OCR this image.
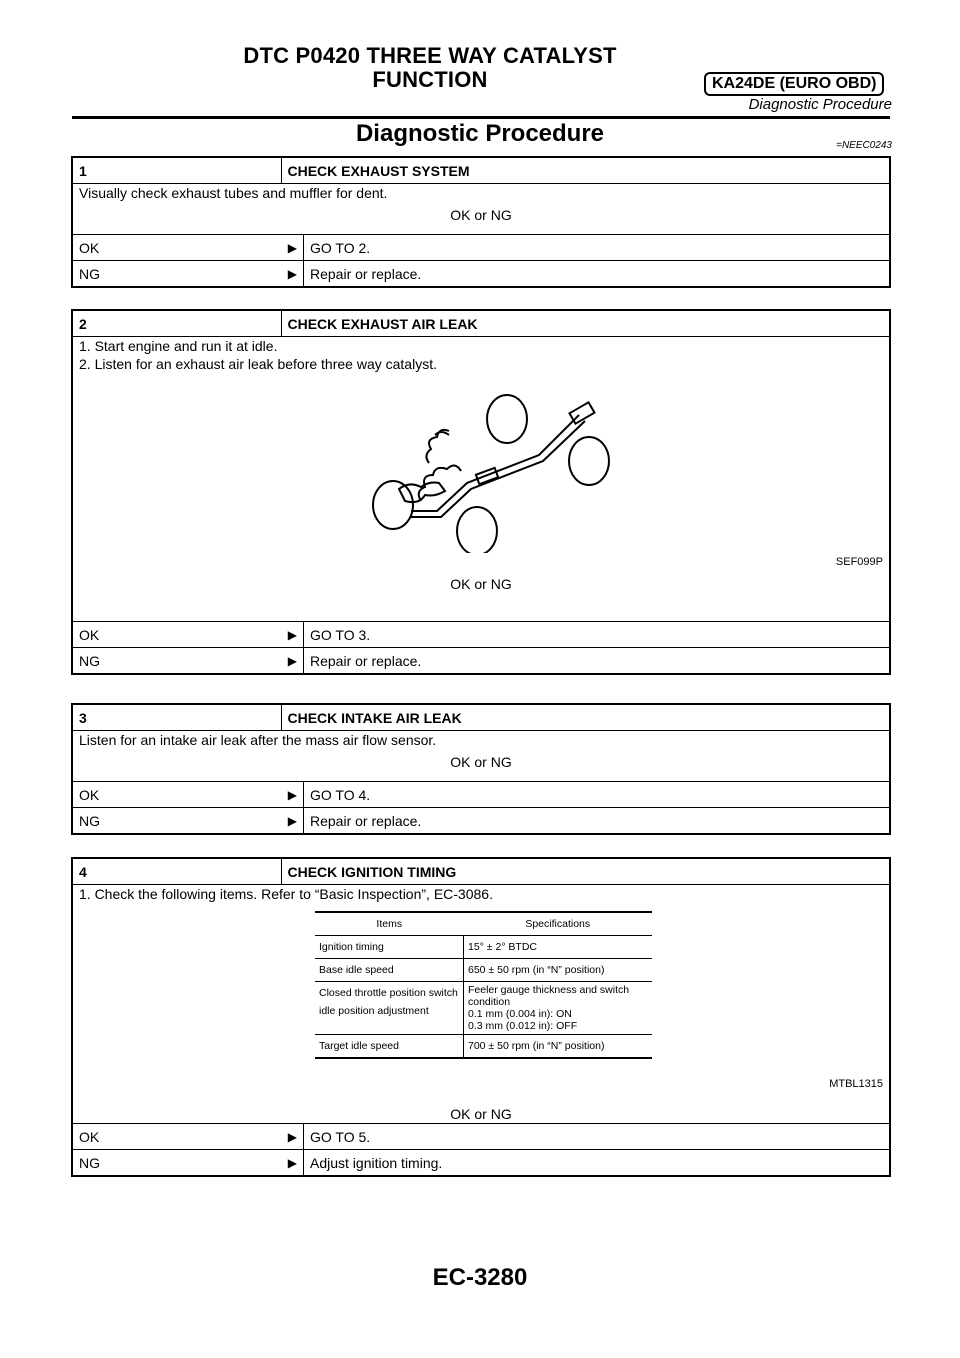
DTC P0420 THREE WAY CATALYST
FUNCTION	KA24DE (EURO OBD)
Diagnostic Procedure
Diagnostic Procedure	=NEEC0243
1	CHECK EXHAUST SYSTEM	

Visually check exhaust tubes and muffler for dent.
OK or NG		

OK	▶	GO TO 2.
NG	▶	Repair or replace.
2	CHECK EXHAUST AIR LEAK	

1. Start engine and run it at idle.
2. Listen for an exhaust air leak before three way catalyst.
SEF099P
OK or NG		

OK	▶	GO TO 3.
NG	▶	Repair or replace.
3	CHECK INTAKE AIR LEAK	

Listen for an intake air leak after the mass air flow sensor.
OK or NG		

OK	▶	GO TO 4.
NG	▶	Repair or replace.
4	CHECK IGNITION TIMING

1. Check the following items. Refer to “Basic Inspection”, EC-3086.
Items	Specifications
Ignition timing	15° ± 2° BTDC
Base idle speed	650 ± 50 rpm (in “N” position)
Closed throttle position switch idle position adjustment	Feeler gauge thickness and switch condition
0.1 mm (0.004 in): ON
0.3 mm (0.012 in): OFF
Target idle speed	700 ± 50 rpm (in “N” position)
MTBL1315
OK or NG

OK	▶	GO TO 5.
NG	▶	Adjust ignition timing.
EC-3280
